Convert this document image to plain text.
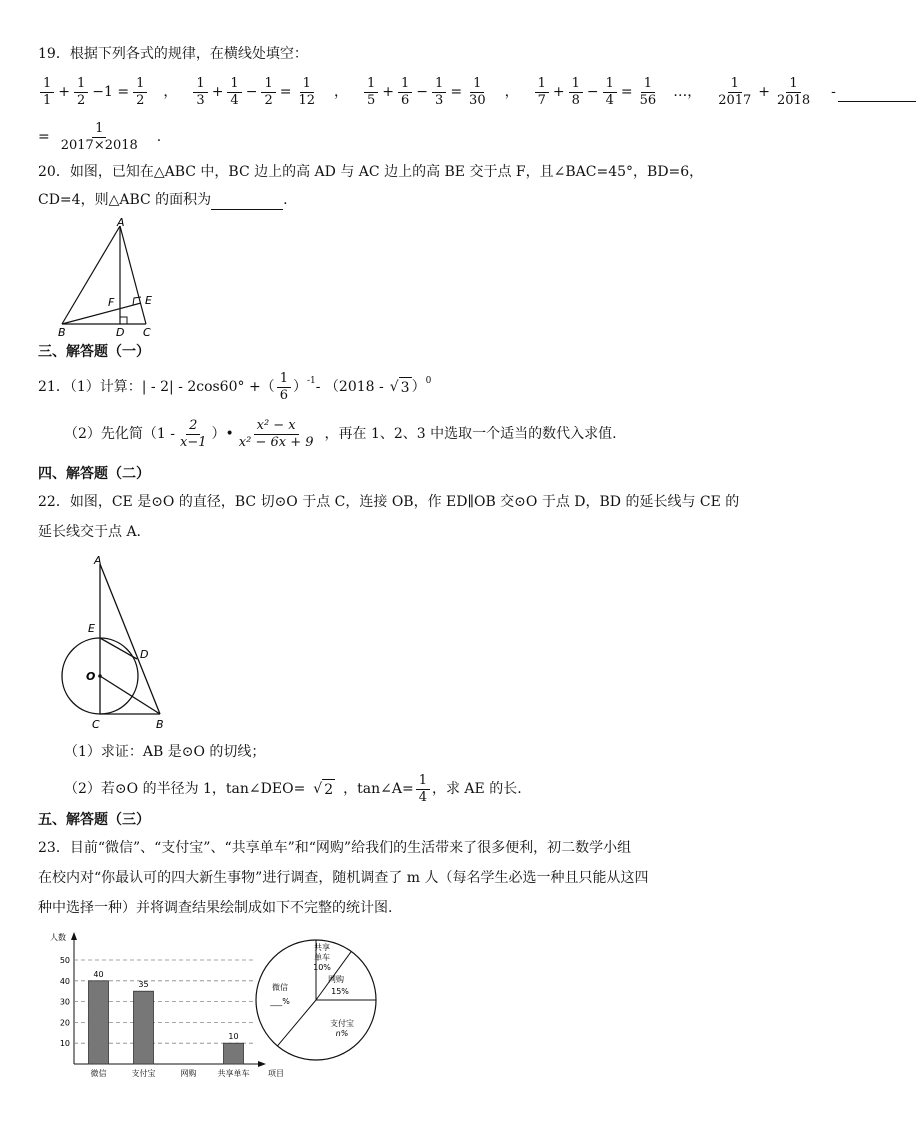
19．根据下列各式的规律，在横线处填空：
$\frac{1}{1} + \frac{1}{2} -1 = \frac{1}{2}$ ， $\frac{1}{3} + \frac{1}{4} - \frac{1}{2} = \frac{1}{12}$ ， $\frac{1}{5} + \frac{1}{6} - \frac{1}{3} = \frac{1}{30}$ ， $\frac{1}{7} + \frac{1}{8} - \frac{1}{4} = \frac{1}{56}$ …， $\frac{1}{2017} + \frac{1}{2018}$ -
= $\frac{1}{2017\times 2018}$ .
20．如图，已知在△ABC 中，BC 边上的高 AD 与 AC 边上的高 BE 交于点 F，且∠BAC=45°，BD=6，
CD=4，则△ABC 的面积为	.
A
B	C
D
E
F
三、解答题（一）
21．（1）计算：| - 2| - 2cos60° +（ $\frac{1}{6} )^{-1} - (2018$ - √ 3 ）$^0$
（2）先化简（$1 - \frac{2}{x-1}$ ）• $\frac{\text{x² − x}}{\text{x² − 6x + 9}}$ ，再在 1、2、3 中选取一个适当的数代入求值.
四、解答题（二）
22．如图，CE 是⊙O 的直径，BC 切⊙O 于点 C，连接 OB，作 ED∥OB 交⊙O 于点 D，BD 的延长线与 CE 的
延长线交于点 A.
A
E
D
O
C	B
（1）求证：AB 是⊙O 的切线；
（2）若⊙O 的半径为 1，tan∠DEO= √ 2 ，tan∠A= $\frac{1}{4}$ ，求 AE 的长.
五、解答题（三）
23．目前“微信”、“支付宝”、“共享单车”和“网购”给我们的生活带来了很多便利，初二数学小组
在校内对“你最认可的四大新生事物”进行调查，随机调查了 m 人（每名学生必选一种且只能从这四
种中选择一种）并将调查结果绘制成如下不完整的统计图.
人数
项目
10
20
30
40
50
40
微信
35
支付宝	网购
10
共享单车
共享
单车
10%
网购
15%
支付宝
n%
微信
___%
